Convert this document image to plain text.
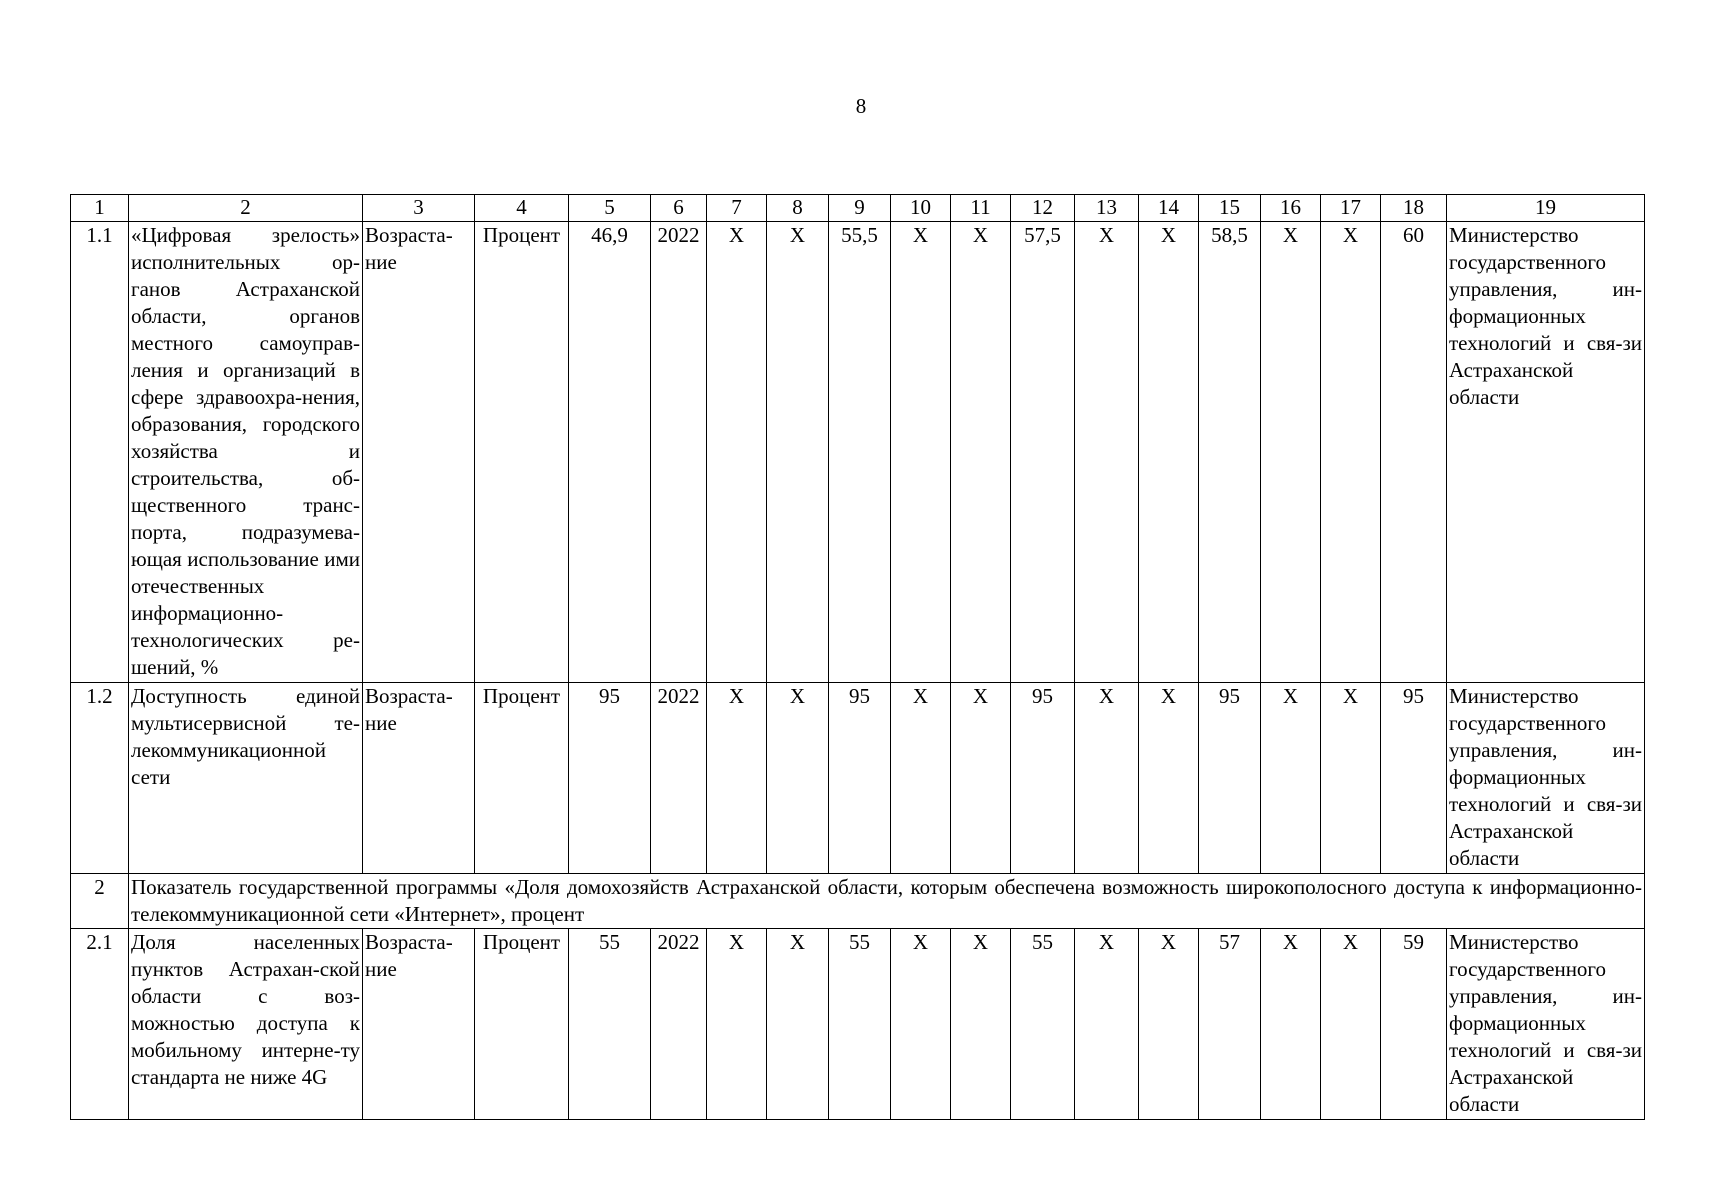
8
1	2	3	4	5	6	7	8	9	10	11	12	13	14	15	16	17	18	19
1.1	«Цифровая зрелость» исполнительных ор-ганов Астраханской области, органов местного самоуправ-ления и организаций в сфере здравоохра-нения, образования, городского хозяйства и строительства, об-щественного транс-порта, подразумева-ющая использование ими отечественных информационно-технологических ре-шений, %	Возраста-ние	Процент	46,9	2022	Х	Х	55,5	Х	Х	57,5	Х	Х	58,5	Х	Х	60	Министерство государственного управления, ин-формационных технологий и свя-зи Астраханской области
1.2	Доступность единой мультисервисной те-лекоммуникационной сети	Возраста-ние	Процент	95	2022	Х	Х	95	Х	Х	95	Х	Х	95	Х	Х	95	Министерство государственного управления, ин-формационных технологий и свя-зи Астраханской области
2	Показатель государственной программы «Доля домохозяйств Астраханской области, которым обеспечена возможность широкополосного доступа к информационно-телекоммуникационной сети «Интернет», процент																	
2.1	Доля населенных пунктов Астрахан-ской области с воз-можностью доступа к мобильному интерне-ту стандарта не ниже 4G	Возраста-ние	Процент	55	2022	Х	Х	55	Х	Х	55	Х	Х	57	Х	Х	59	Министерство государственного управления, ин-формационных технологий и свя-зи Астраханской области
